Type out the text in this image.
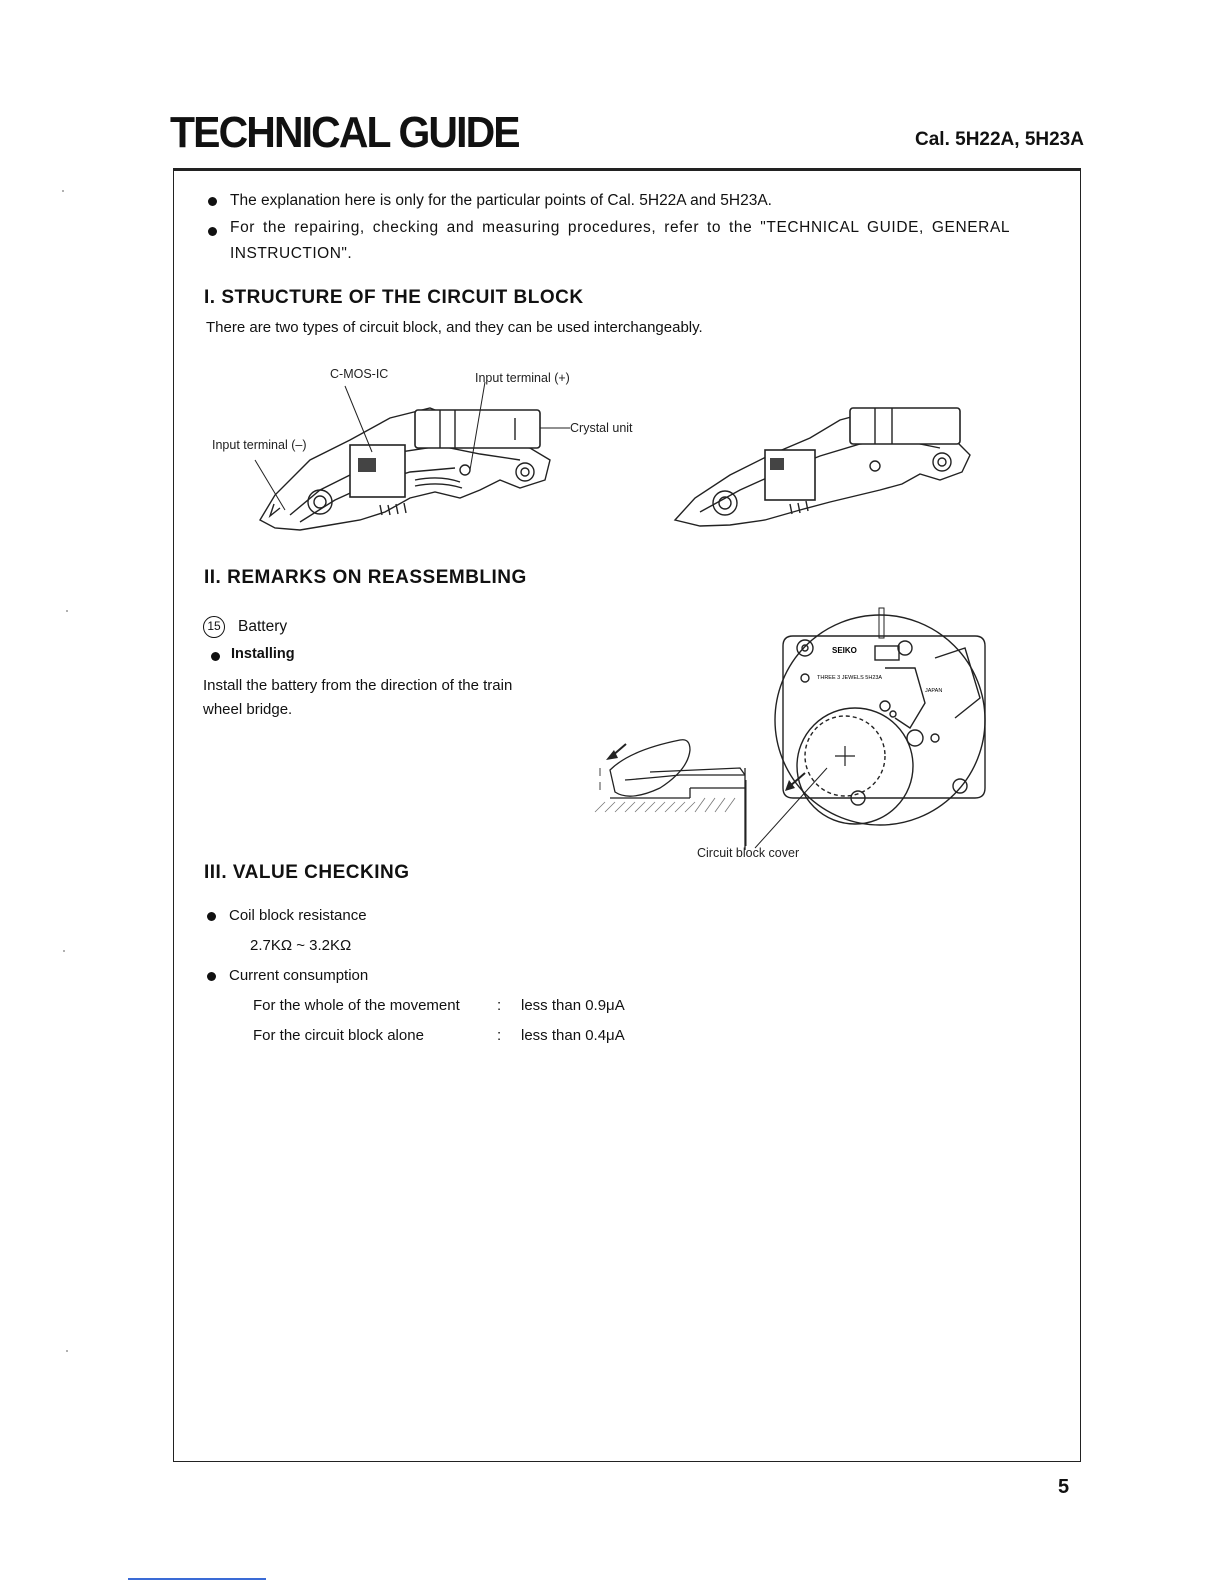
TECHNICAL GUIDE	Cal. 5H22A, 5H23A
The explanation here is only for the particular points of Cal. 5H22A and 5H23A.
For the repairing, checking and measuring procedures, refer to the "TECHNICAL GUIDE, GENERAL
INSTRUCTION".
I. STRUCTURE OF THE CIRCUIT BLOCK
There are two types of circuit block, and they can be used interchangeably.
C-MOS-IC	Input terminal (+)
Input terminal (–)
Crystal unit
II. REMARKS ON REASSEMBLING
15 Battery
Installing
Install the battery from the direction of the train
wheel bridge.
SEIKO
THREE 3 JEWELS 5H23A
JAPAN
Circuit block cover
III. VALUE CHECKING
Coil block resistance
2.7KΩ ~ 3.2KΩ
Current consumption
For the whole of the movement : less than 0.9μA
For the circuit block alone	: less than 0.4μA
5
